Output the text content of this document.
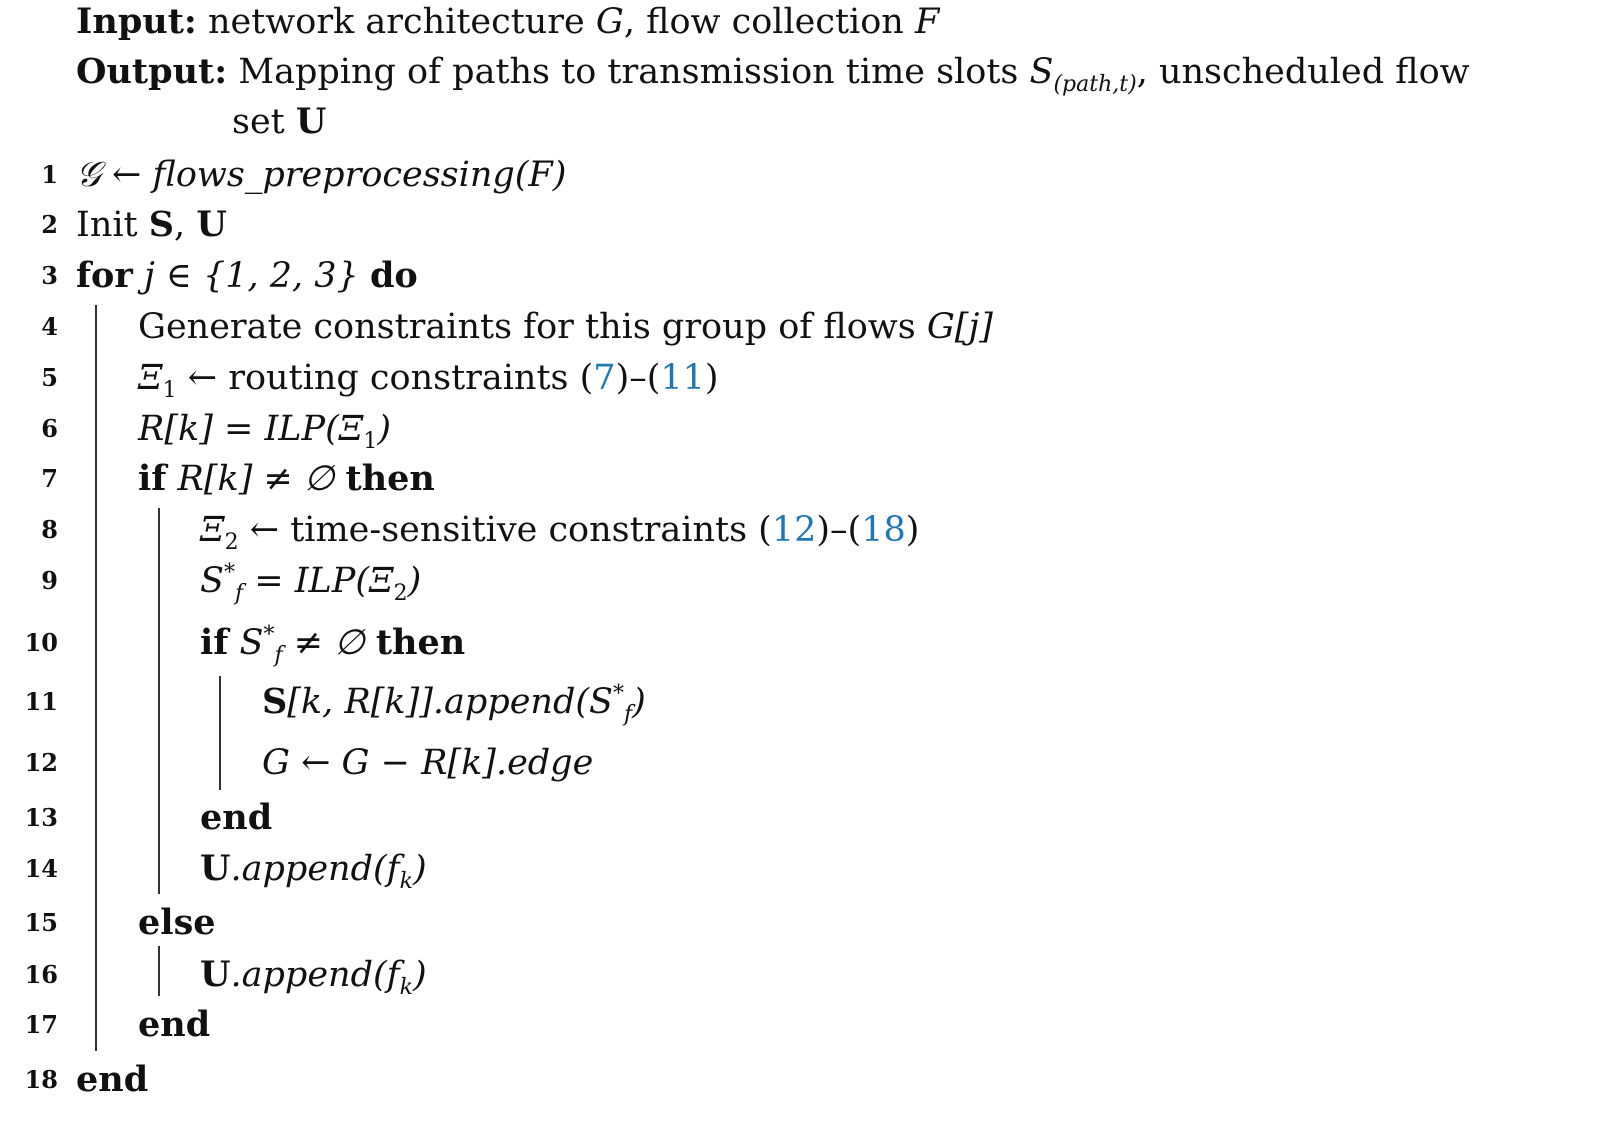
Input: network architecture G, flow collection F
Output: Mapping of paths to transmission time slots $S_{(path,t)}$, unscheduled flow
set U
1 𝒢 ← flows_preprocessing(F)
2 Init S, U
3 for j ∈ {1, 2, 3} do
4 Generate constraints for this group of flows G[j]
5 $\Xi_1$ ← routing constraints (7)–(11)
6 $R[k] = ILP(\Xi_1)$
7 if R[k] ≠ ∅ then
8	$\Xi_2$ ← time-sensitive constraints (12)–(18)
9	$S^*_f = ILP(\Xi_2)$
10	if $S^*_f$ ≠ ∅ then
11	S[k, $R[k]].append(S^*_f)$
12	G ← G − R[k].edge
13	end
14	$U.append(f_k)$
15 else
16	$U.append(f_k)$
17 end
18 end
